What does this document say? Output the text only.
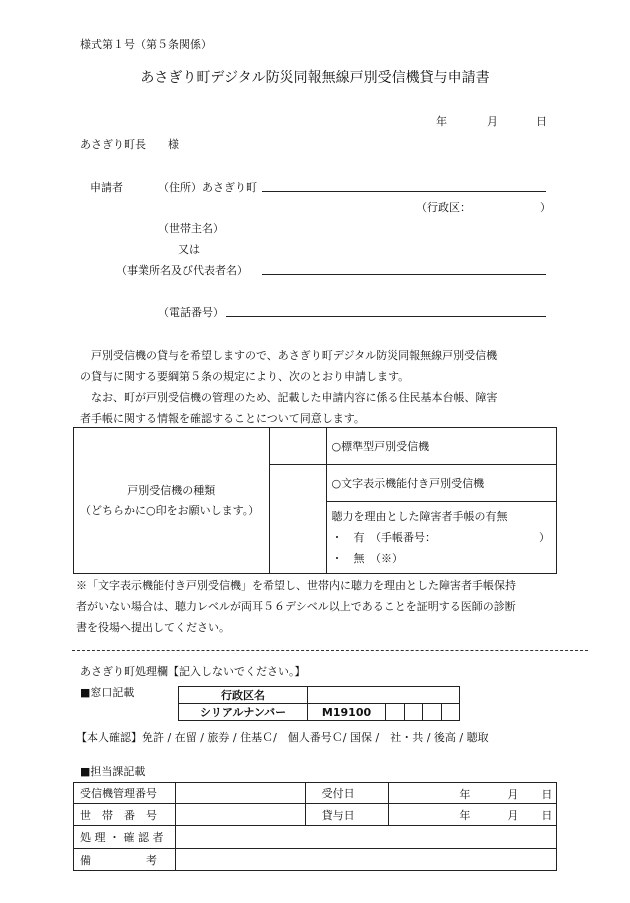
様式第１号（第５条関係）
あさぎり町デジタル防災同報無線戸別受信機貸与申請書
年	月	日
あさぎり町長　　様
申請者	（住所） あさぎり町
（行政区：	）
（世帯主名）
又は
（事業所名及び代表者名）
（電話番号）
　戸別受信機の貸与を希望しますので、あさぎり町デジタル防災同報無線戸別受信機
の貸与に関する要綱第５条の規定により、次のとおり申請します。
　なお、町が戸別受信機の管理のため、記載した申請内容に係る住民基本台帳、障害
者手帳に関する情報を確認することについて同意します。
戸別受信機の種類
（どちらかに○印をお願いします。）		○標準型戸別受信機
		○文字表示機能付き戸別受信機

		聴力を理由とした障害者手帳の有無
・　有　（手帳番号： ）
・　無　（※）
※「文字表示機能付き戸別受信機」を希望し、世帯内に聴力を理由とした障害者手帳保持
者がいない場合は、聴力レベルが両耳５６デシベル以上であることを証明する医師の診断
書を役場へ提出してください。
あさぎり町処理欄【記入しないでください。】
■窓口記載	行政区名					
シリアルナンバー	M19100				
【本人確認】免許 / 在留 / 旅券 / 住基Ｃ/　個人番号Ｃ/ 国保 /　社・共 / 後高 / 聴取
■担当課記載
受信機管理番号		受付日	年 月 日

世　帯　番　号		貸与日	年 月 日

処 理 ・ 確 認 者			
備　　　　　考			
